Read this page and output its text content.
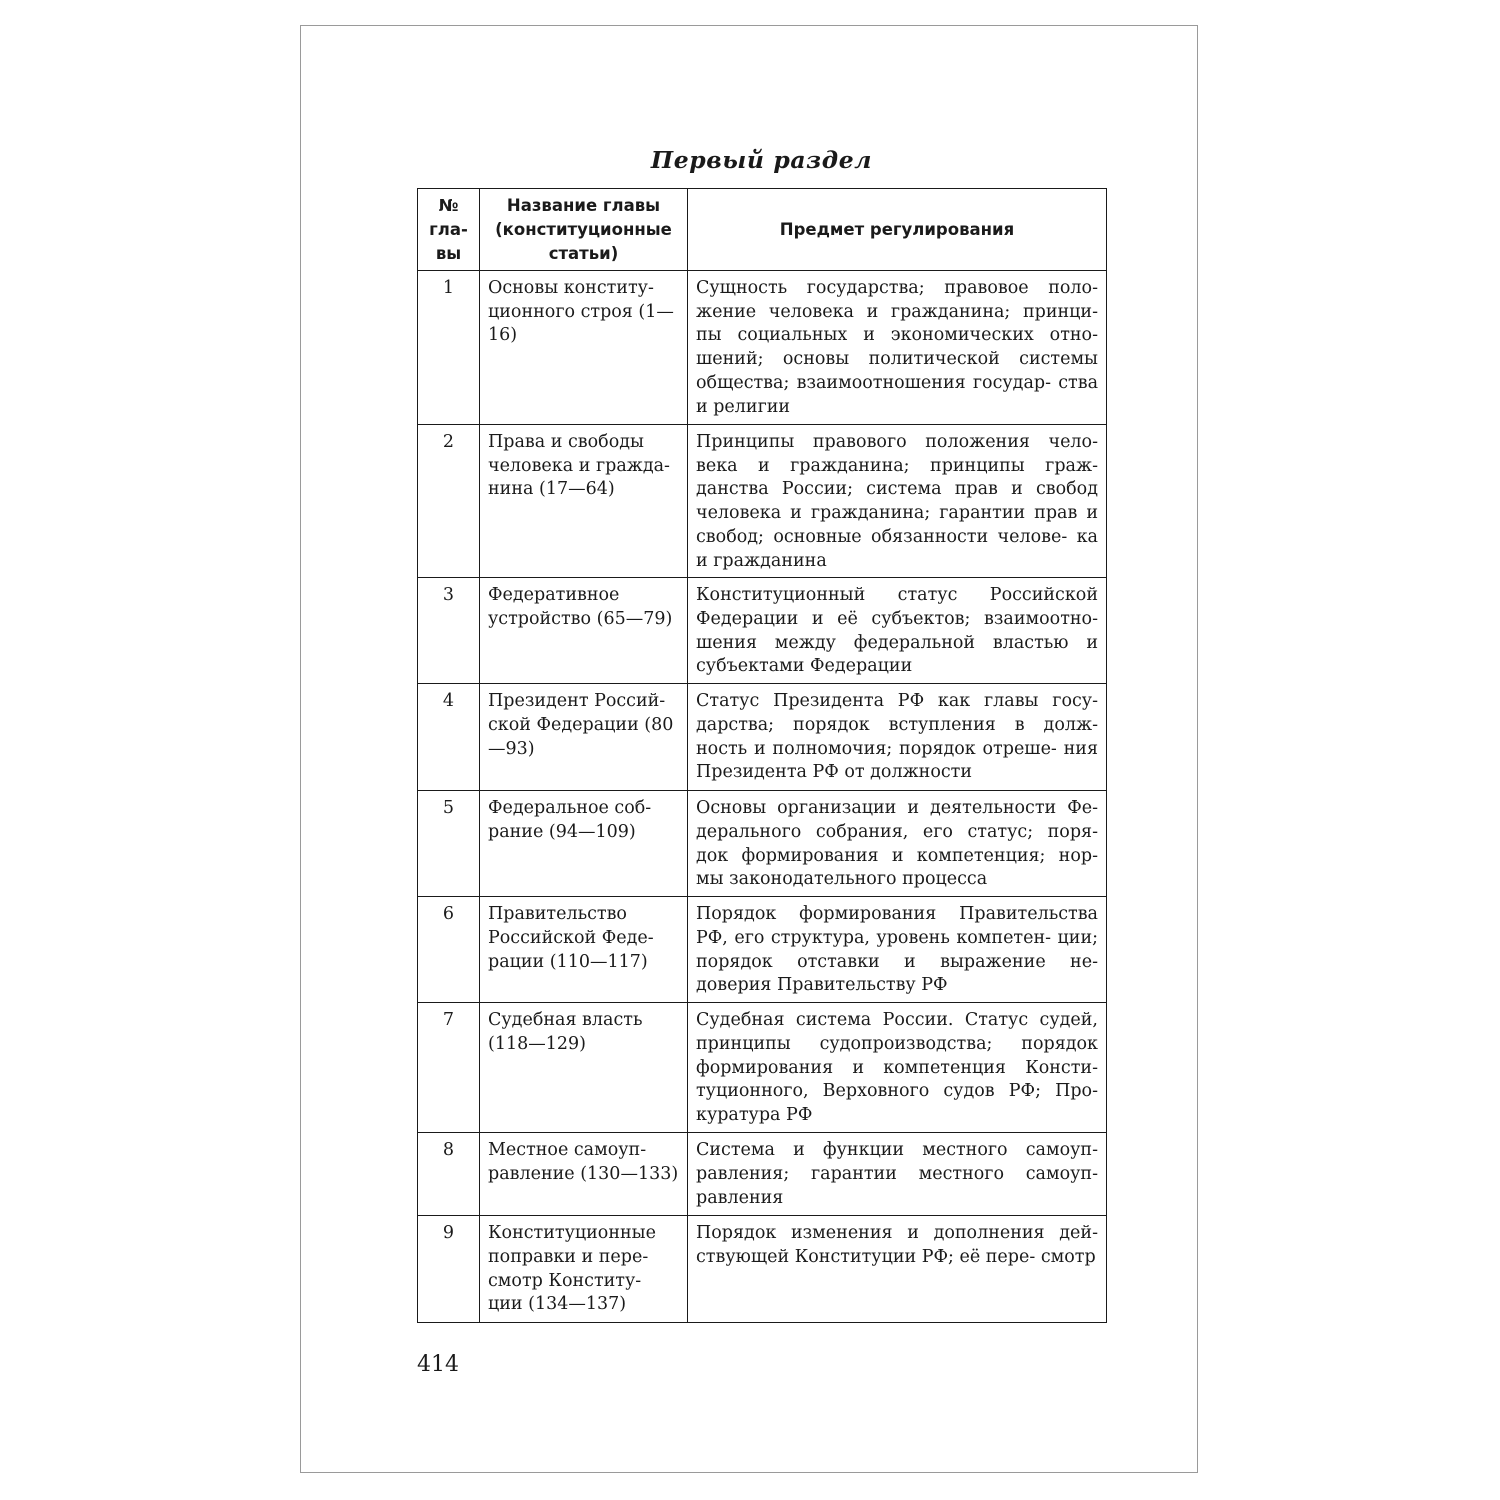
Первый раздел
№ гла- вы	Название главы (конституционные статьи)	Предмет регулирования
1	Основы конститу- ционного строя (1—16)	Сущность государства; правовое поло- жение человека и гражданина; принци- пы социальных и экономических отно- шений; основы политической системы общества; взаимоотношения государ- ства и религии
2	Права и свободы человека и гражда- нина (17—64)	Принципы правового положения чело- века и гражданина; принципы граж- данства России; система прав и свобод человека и гражданина; гарантии прав и свобод; основные обязанности челове- ка и гражданина
3	Федеративное устройство (65—79)	Конституционный статус Российской Федерации и её субъектов; взаимоотно- шения между федеральной властью и субъектами Федерации
4	Президент Россий- ской Федерации (80—93)	Статус Президента РФ как главы госу- дарства; порядок вступления в долж- ность и полномочия; порядок отреше- ния Президента РФ от должности
5	Федеральное соб- рание (94—109)	Основы организации и деятельности Фе- дерального собрания, его статус; поря- док формирования и компетенция; нор- мы законодательного процесса
6	Правительство Российской Феде- рации (110—117)	Порядок формирования Правительства РФ, его структура, уровень компетен- ции; порядок отставки и выражение не- доверия Правительству РФ
7	Судебная власть (118—129)	Судебная система России. Статус судей, принципы судопроизводства; порядок формирования и компетенция Консти- туционного, Верховного судов РФ; Про- куратура РФ
8	Местное самоуп- равление (130—133)	Система и функции местного самоуп- равления; гарантии местного самоуп- равления
9	Конституционные поправки и пере- смотр Конститу- ции (134—137)	Порядок изменения и дополнения дей- ствующей Конституции РФ; её пере- смотр
414
